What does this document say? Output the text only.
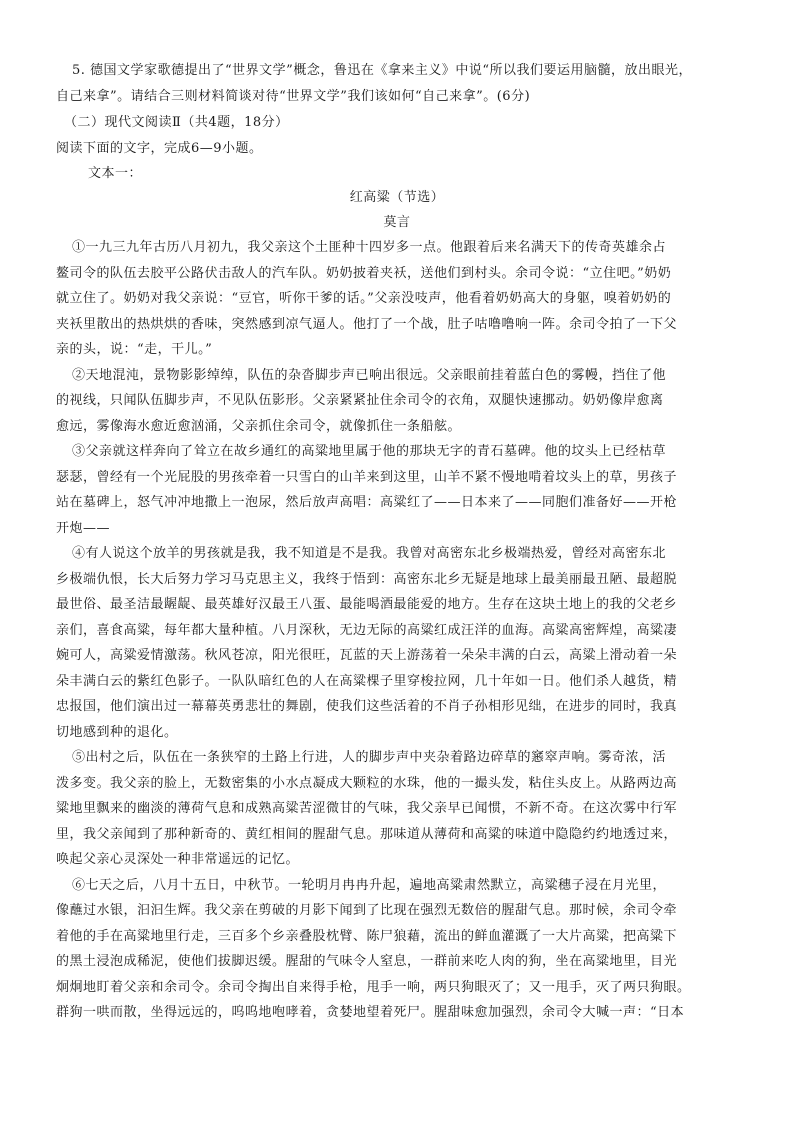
5. 德国文学家歌德提出了“世界文学”概念，鲁迅在《拿来主义》中说“所以我们要运用脑髓，放出眼光，
自己来拿”。请结合三则材料简谈对待“世界文学”我们该如何“自己来拿”。(6分)
（二）现代文阅读Ⅱ（共4题，18分）
阅读下面的文字，完成6—9小题。
文本一：
红高粱（节选）
莫言
①一九三九年古历八月初九，我父亲这个土匪种十四岁多一点。他跟着后来名满天下的传奇英雄余占
鳌司令的队伍去胶平公路伏击敌人的汽车队。奶奶披着夹袄，送他们到村头。余司令说：“立住吧。”奶奶
就立住了。奶奶对我父亲说：“豆官，听你干爹的话。”父亲没吱声，他看着奶奶高大的身躯，嗅着奶奶的
夹袄里散出的热烘烘的香味，突然感到凉气逼人。他打了一个战，肚子咕噜噜响一阵。余司令拍了一下父
亲的头，说：“走，干儿。”
②天地混沌，景物影影绰绰，队伍的杂沓脚步声已响出很远。父亲眼前挂着蓝白色的雾幔，挡住了他
的视线，只闻队伍脚步声，不见队伍影形。父亲紧紧扯住余司令的衣角，双腿快速挪动。奶奶像岸愈离
愈远，雾像海水愈近愈汹涌，父亲抓住余司令，就像抓住一条船舷。
③父亲就这样奔向了耸立在故乡通红的高粱地里属于他的那块无字的青石墓碑。他的坟头上已经枯草
瑟瑟，曾经有一个光屁股的男孩牵着一只雪白的山羊来到这里，山羊不紧不慢地啃着坟头上的草，男孩子
站在墓碑上，怒气冲冲地撒上一泡尿，然后放声高唱：高粱红了——日本来了——同胞们准备好——开枪
开炮——
④有人说这个放羊的男孩就是我，我不知道是不是我。我曾对高密东北乡极端热爱，曾经对高密东北
乡极端仇恨，长大后努力学习马克思主义，我终于悟到：高密东北乡无疑是地球上最美丽最丑陋、最超脱
最世俗、最圣洁最龌龊、最英雄好汉最王八蛋、最能喝酒最能爱的地方。生存在这块土地上的我的父老乡
亲们，喜食高粱，每年都大量种植。八月深秋，无边无际的高粱红成汪洋的血海。高粱高密辉煌，高粱凄
婉可人，高粱爱情激荡。秋风苍凉，阳光很旺，瓦蓝的天上游荡着一朵朵丰满的白云，高粱上滑动着一朵
朵丰满白云的紫红色影子。一队队暗红色的人在高粱棵子里穿梭拉网，几十年如一日。他们杀人越货，精
忠报国，他们演出过一幕幕英勇悲壮的舞剧，使我们这些活着的不肖子孙相形见绌，在进步的同时，我真
切地感到种的退化。
⑤出村之后，队伍在一条狭窄的土路上行进，人的脚步声中夹杂着路边碎草的窸窣声响。雾奇浓，活
泼多变。我父亲的脸上，无数密集的小水点凝成大颗粒的水珠，他的一撮头发，粘住头皮上。从路两边高
粱地里飘来的幽淡的薄荷气息和成熟高粱苦涩微甘的气味，我父亲早已闻惯，不新不奇。在这次雾中行军
里，我父亲闻到了那种新奇的、黄红相间的腥甜气息。那味道从薄荷和高粱的味道中隐隐约约地透过来，
唤起父亲心灵深处一种非常遥远的记忆。
⑥七天之后，八月十五日，中秋节。一轮明月冉冉升起，遍地高粱肃然默立，高粱穗子浸在月光里，
像蘸过水银，汩汩生辉。我父亲在剪破的月影下闻到了比现在强烈无数倍的腥甜气息。那时候，余司令牵
着他的手在高粱地里行走，三百多个乡亲叠股枕臂、陈尸狼藉，流出的鲜血灌溉了一大片高粱，把高粱下
的黑土浸泡成稀泥，使他们拔脚迟缓。腥甜的气味令人窒息，一群前来吃人肉的狗，坐在高粱地里，目光
炯炯地盯着父亲和余司令。余司令掏出自来得手枪，甩手一响，两只狗眼灭了；又一甩手，灭了两只狗眼。
群狗一哄而散，坐得远远的，呜呜地咆哮着，贪婪地望着死尸。腥甜味愈加强烈，余司令大喊一声：“日本
